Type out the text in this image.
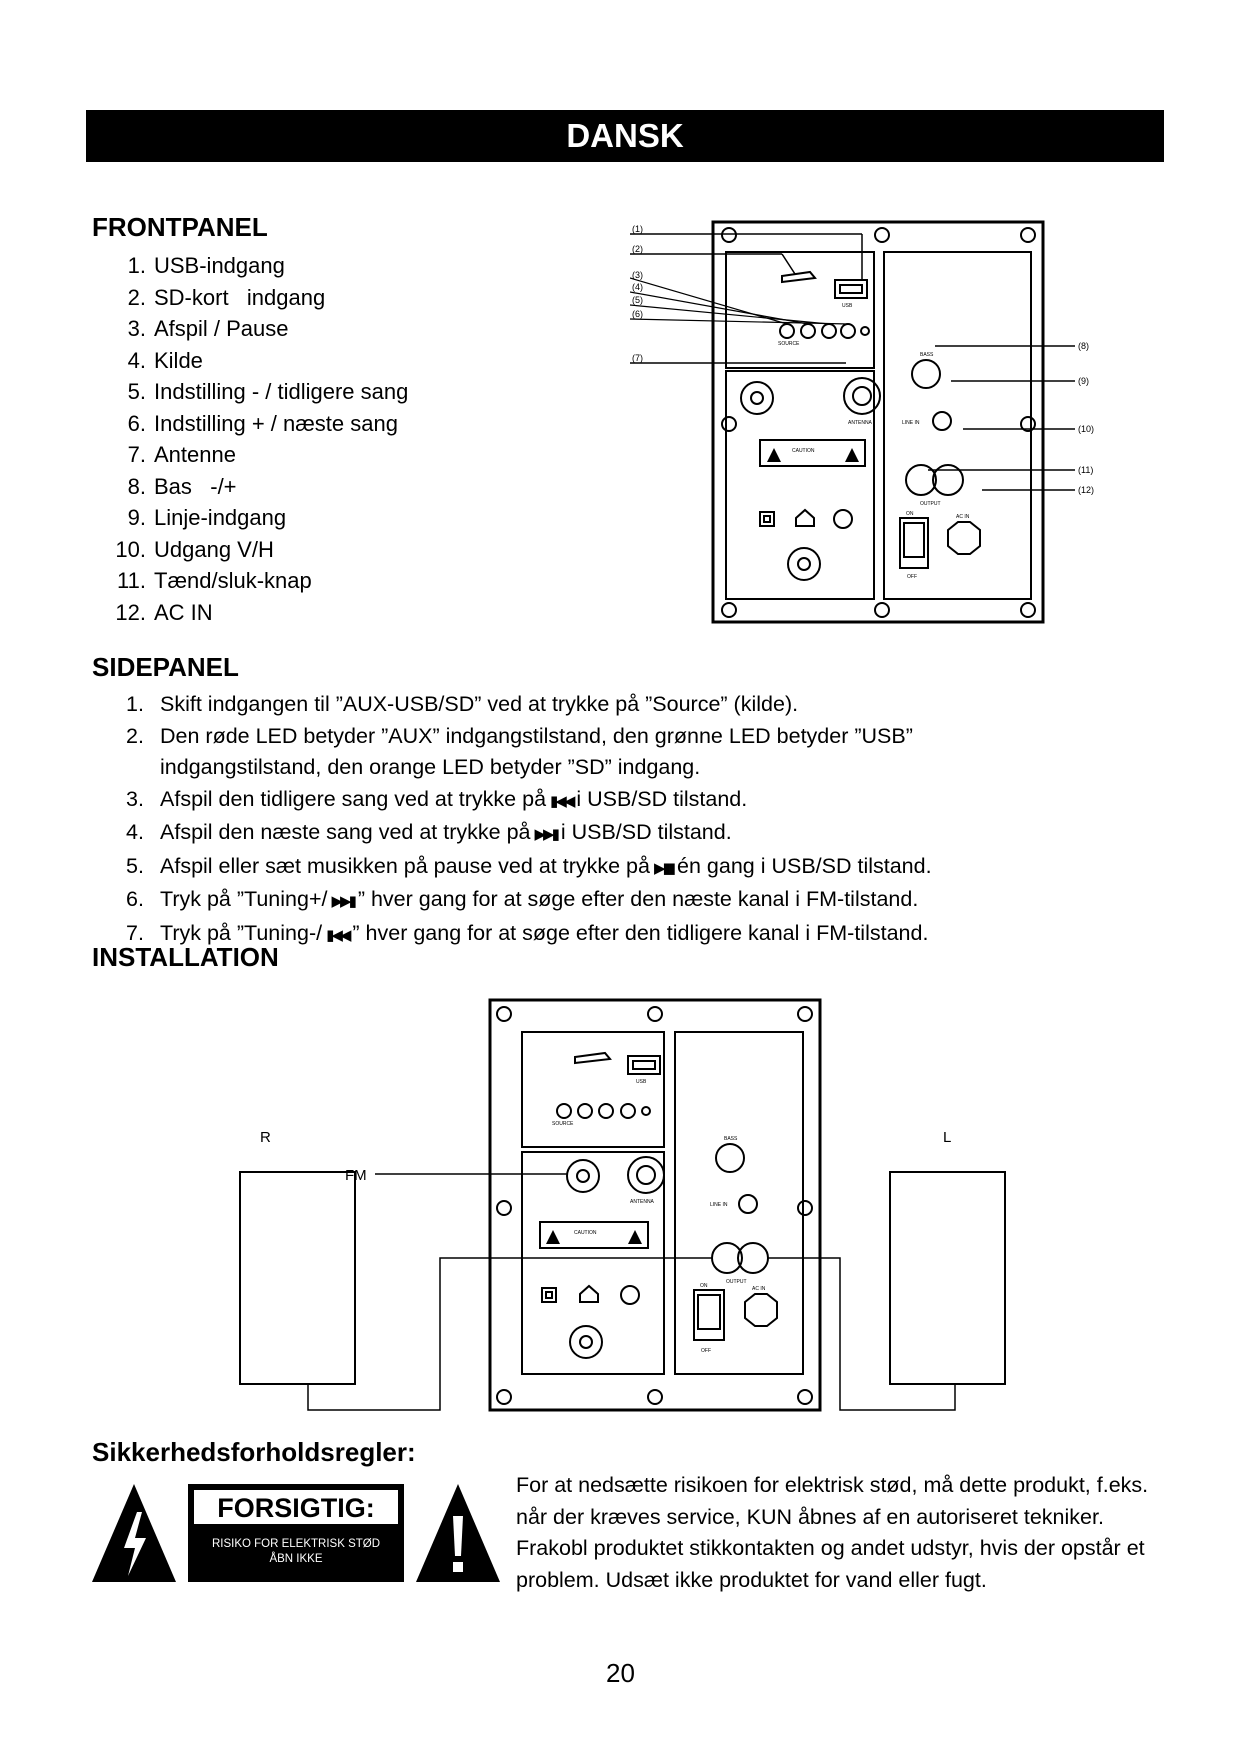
DANSK
FRONTPANEL
1. USB-indgang
2. SD-kort   indgang
3. Afspil / Pause
4. Kilde
5. Indstilling - / tidligere sang
6. Indstilling + / næste sang
7. Antenne
8. Bas   -/+
9. Linje-indgang
10. Udgang V/H
11. Tænd/sluk-knap
12. AC IN
(1)
(2)
(3)
(4)
(5)
(6)
(7)
(8)
(9)
(10)
(11)
(12)
USB
SOURCE
BASS
ANTENNA	LINE IN
OUTPUT
ON
OFF
AC IN
CAUTION
SIDEPANEL
1. Skift indgangen til ”AUX-USB/SD” ved at trykke på ”Source” (kilde).
2. Den røde LED betyder ”AUX” indgangstilstand, den grønne LED betyder ”USB” indgangstilstand, den orange LED betyder ”SD” indgang.
3. Afspil den tidligere sang ved at trykke på ▮◀◀ i USB/SD tilstand.
4. Afspil den næste sang ved at trykke på ▶▶▮ i USB/SD tilstand.
5. Afspil eller sæt musikken på pause ved at trykke på ▶▮▮ én gang i USB/SD tilstand.
6. Tryk på ”Tuning+/ ▶▶▮ ” hver gang for at søge efter den næste kanal i FM-tilstand.
7. Tryk på ”Tuning-/ ▮◀◀ ” hver gang for at søge efter den tidligere kanal i FM-tilstand.
INSTALLATION
R	L
FM
USB
SOURCE
BASS
ANTENNA	LINE IN
OUTPUT
ON
OFF
AC IN
CAUTION
Sikkerhedsforholdsregler:
FORSIGTIG:
RISIKO FOR ELEKTRISK STØD
ÅBN IKKE
For at nedsætte risikoen for elektrisk stød, må dette produkt, f.eks. når der kræves service, KUN åbnes af en autoriseret tekniker. Frakobl produktet stikkontakten og andet udstyr, hvis der opstår et problem. Udsæt ikke produktet for vand eller fugt.
20
